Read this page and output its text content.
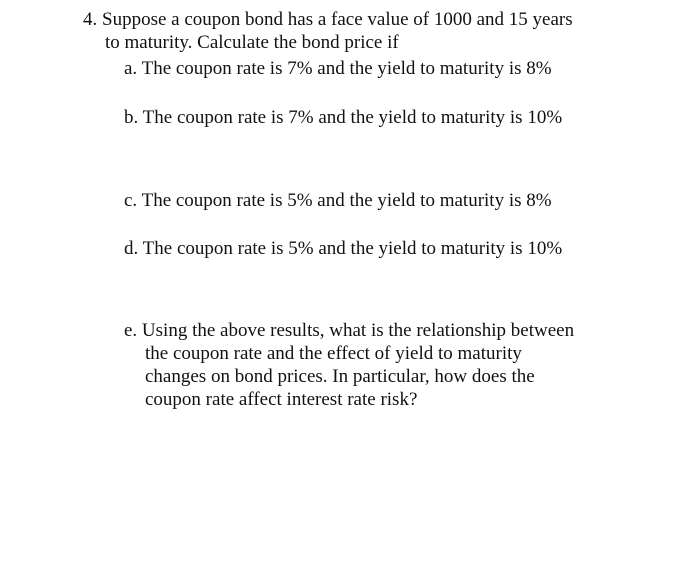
4. Suppose a coupon bond has a face value of 1000 and 15 years
to maturity. Calculate the bond price if
a. The coupon rate is 7% and the yield to maturity is 8%
b. The coupon rate is 7% and the yield to maturity is 10%
c. The coupon rate is 5% and the yield to maturity is 8%
d. The coupon rate is 5% and the yield to maturity is 10%
e. Using the above results, what is the relationship between
the coupon rate and the effect of yield to maturity
changes on bond prices. In particular, how does the
coupon rate affect interest rate risk?
